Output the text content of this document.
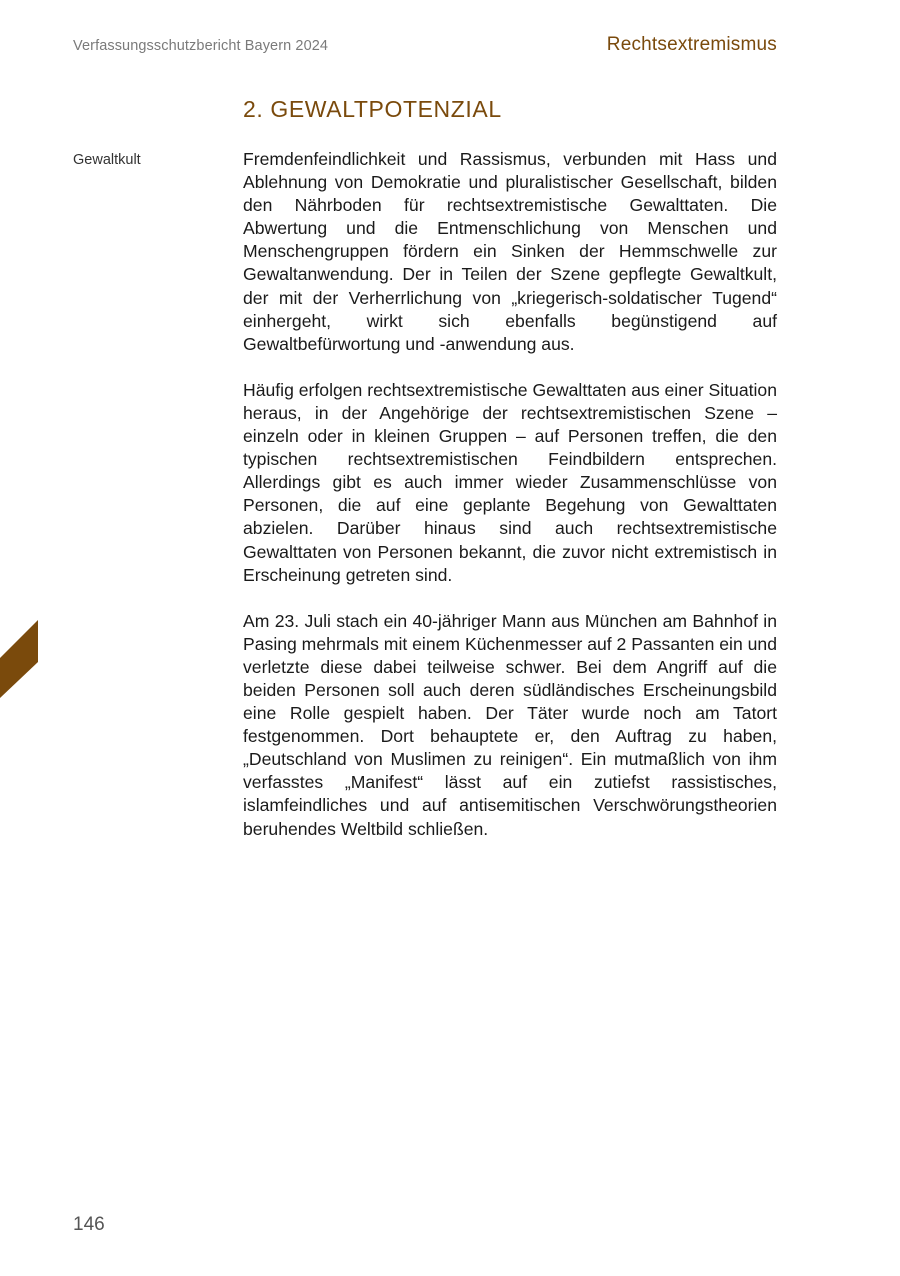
Verfassungsschutzbericht Bayern 2024	Rechtsextremismus
2. GEWALTPOTENZIAL
Gewaltkult	Fremdenfeindlichkeit und Rassismus, verbunden mit Hass und Ablehnung von Demokratie und pluralistischer Gesellschaft, bilden den Nährboden für rechtsextremistische Gewalttaten. Die Abwertung und die Entmenschlichung von Menschen und Menschengruppen fördern ein Sinken der Hemmschwelle zur Gewaltanwendung. Der in Teilen der Szene gepflegte Gewaltkult, der mit der Verherrlichung von „kriegerisch-soldatischer Tugend“ einhergeht, wirkt sich ebenfalls begünstigend auf Gewaltbefürwortung und -anwendung aus.

Häufig erfolgen rechtsextremistische Gewalttaten aus einer Situation heraus, in der Angehörige der rechtsextremistischen Szene – einzeln oder in kleinen Gruppen – auf Personen treffen, die den typischen rechtsextremistischen Feindbildern entsprechen. Allerdings gibt es auch immer wieder Zusammenschlüsse von Personen, die auf eine geplante Begehung von Gewalttaten abzielen. Darüber hinaus sind auch rechtsextremistische Gewalttaten von Personen bekannt, die zuvor nicht extremistisch in Erscheinung getreten sind.

Am 23. Juli stach ein 40-jähriger Mann aus München am Bahnhof in Pasing mehrmals mit einem Küchenmesser auf 2 Passanten ein und verletzte diese dabei teilweise schwer. Bei dem Angriff auf die beiden Personen soll auch deren südländisches Erscheinungsbild eine Rolle gespielt haben. Der Täter wurde noch am Tatort festgenommen. Dort behauptete er, den Auftrag zu haben, „Deutschland von Muslimen zu reinigen“. Ein mutmaßlich von ihm verfasstes „Manifest“ lässt auf ein zutiefst rassistisches, islamfeindliches und auf antisemitischen Verschwörungstheorien beruhendes Weltbild schließen.

146
